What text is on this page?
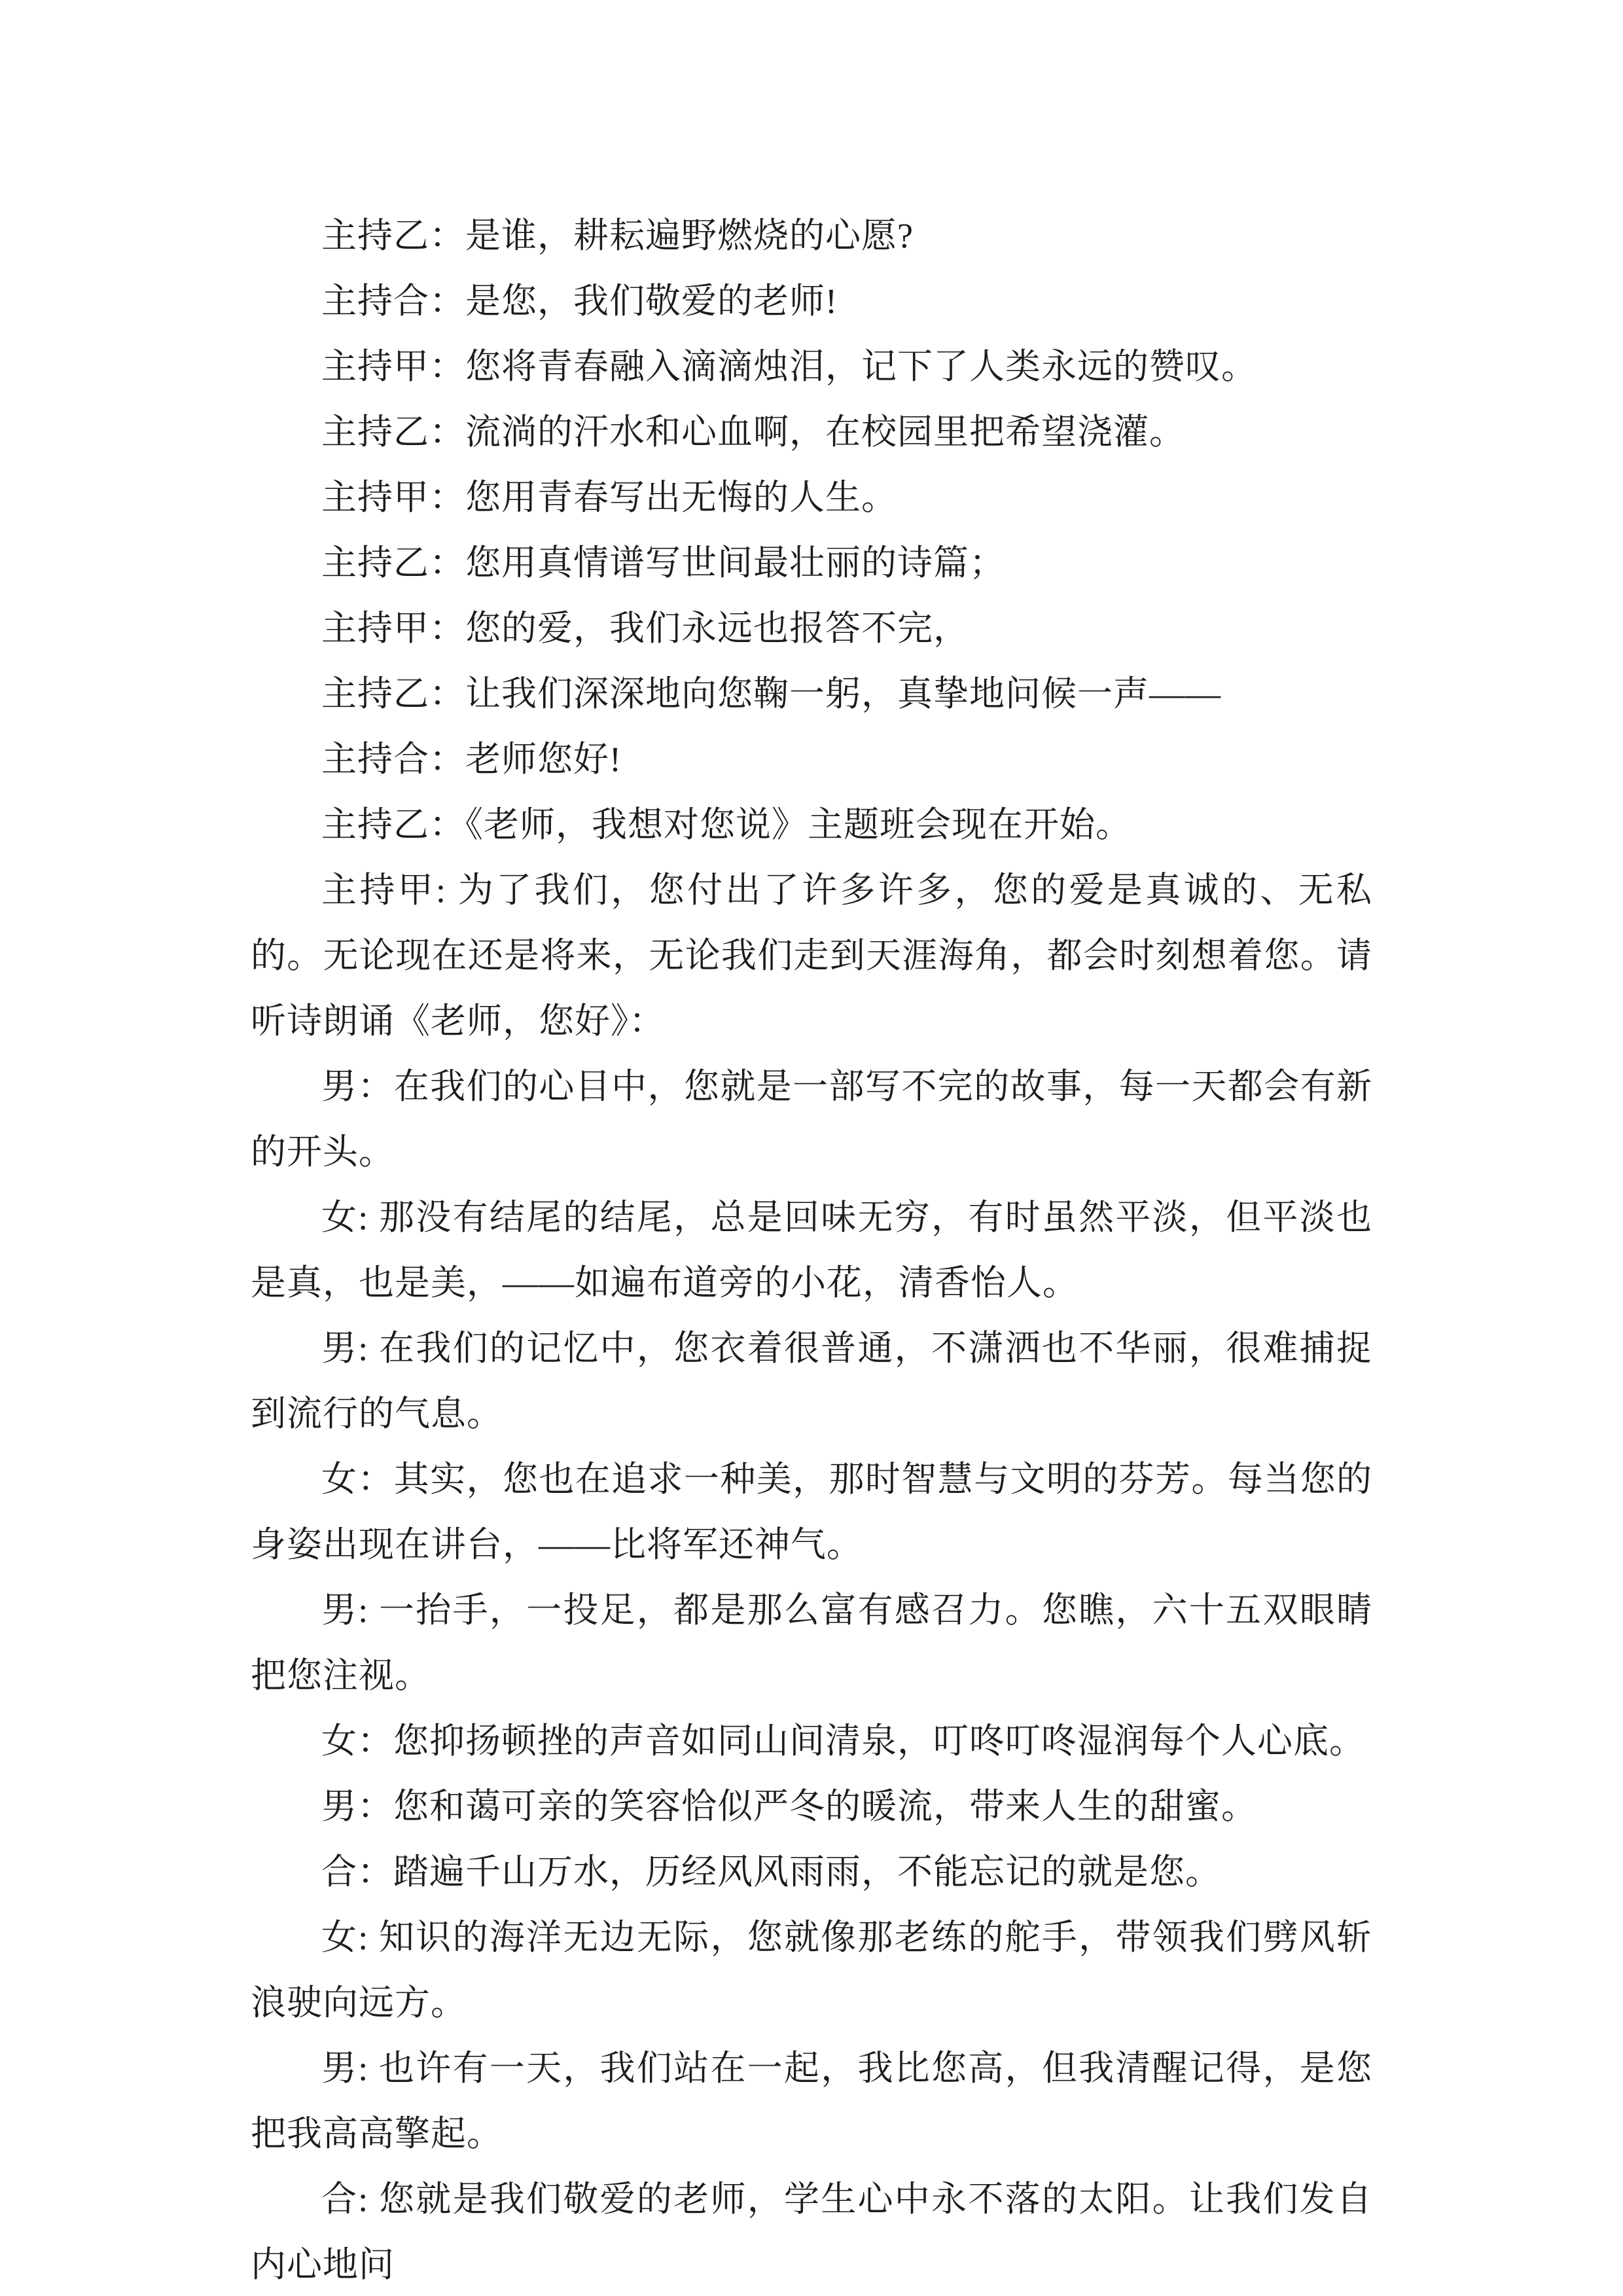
主持乙：是谁，耕耘遍野燃烧的心愿?

主持合：是您，我们敬爱的老师!

主持甲：您将青春融入滴滴烛泪，记下了人类永远的赞叹。

主持乙：流淌的汗水和心血啊，在校园里把希望浇灌。

主持甲：您用青春写出无悔的人生。

主持乙：您用真情谱写世间最壮丽的诗篇；

主持甲：您的爱，我们永远也报答不完，

主持乙：让我们深深地向您鞠一躬，真挚地问候一声——

主持合：老师您好!

主持乙：《老师，我想对您说》主题班会现在开始。

主持甲: 为了我们，您付出了许多许多，您的爱是真诚的、无私的。无论现在还是将来，无论我们走到天涯海角，都会时刻想着您。请听诗朗诵《老师，您好》：

男：在我们的心目中，您就是一部写不完的故事，每一天都会有新的开头。

女: 那没有结尾的结尾，总是回味无穷，有时虽然平淡，但平淡也是真，也是美，——如遍布道旁的小花，清香怡人。

男: 在我们的记忆中，您衣着很普通，不潇洒也不华丽，很难捕捉到流行的气息。

女：其实，您也在追求一种美，那时智慧与文明的芬芳。每当您的身姿出现在讲台，——比将军还神气。

男: 一抬手，一投足，都是那么富有感召力。您瞧，六十五双眼睛把您注视。

女：您抑扬顿挫的声音如同山间清泉，叮咚叮咚湿润每个人心底。

男：您和蔼可亲的笑容恰似严冬的暖流，带来人生的甜蜜。

合：踏遍千山万水，历经风风雨雨，不能忘记的就是您。

女: 知识的海洋无边无际，您就像那老练的舵手，带领我们劈风斩浪驶向远方。

男: 也许有一天，我们站在一起，我比您高，但我清醒记得，是您把我高高擎起。

合: 您就是我们敬爱的老师，学生心中永不落的太阳。让我们发自内心地问
